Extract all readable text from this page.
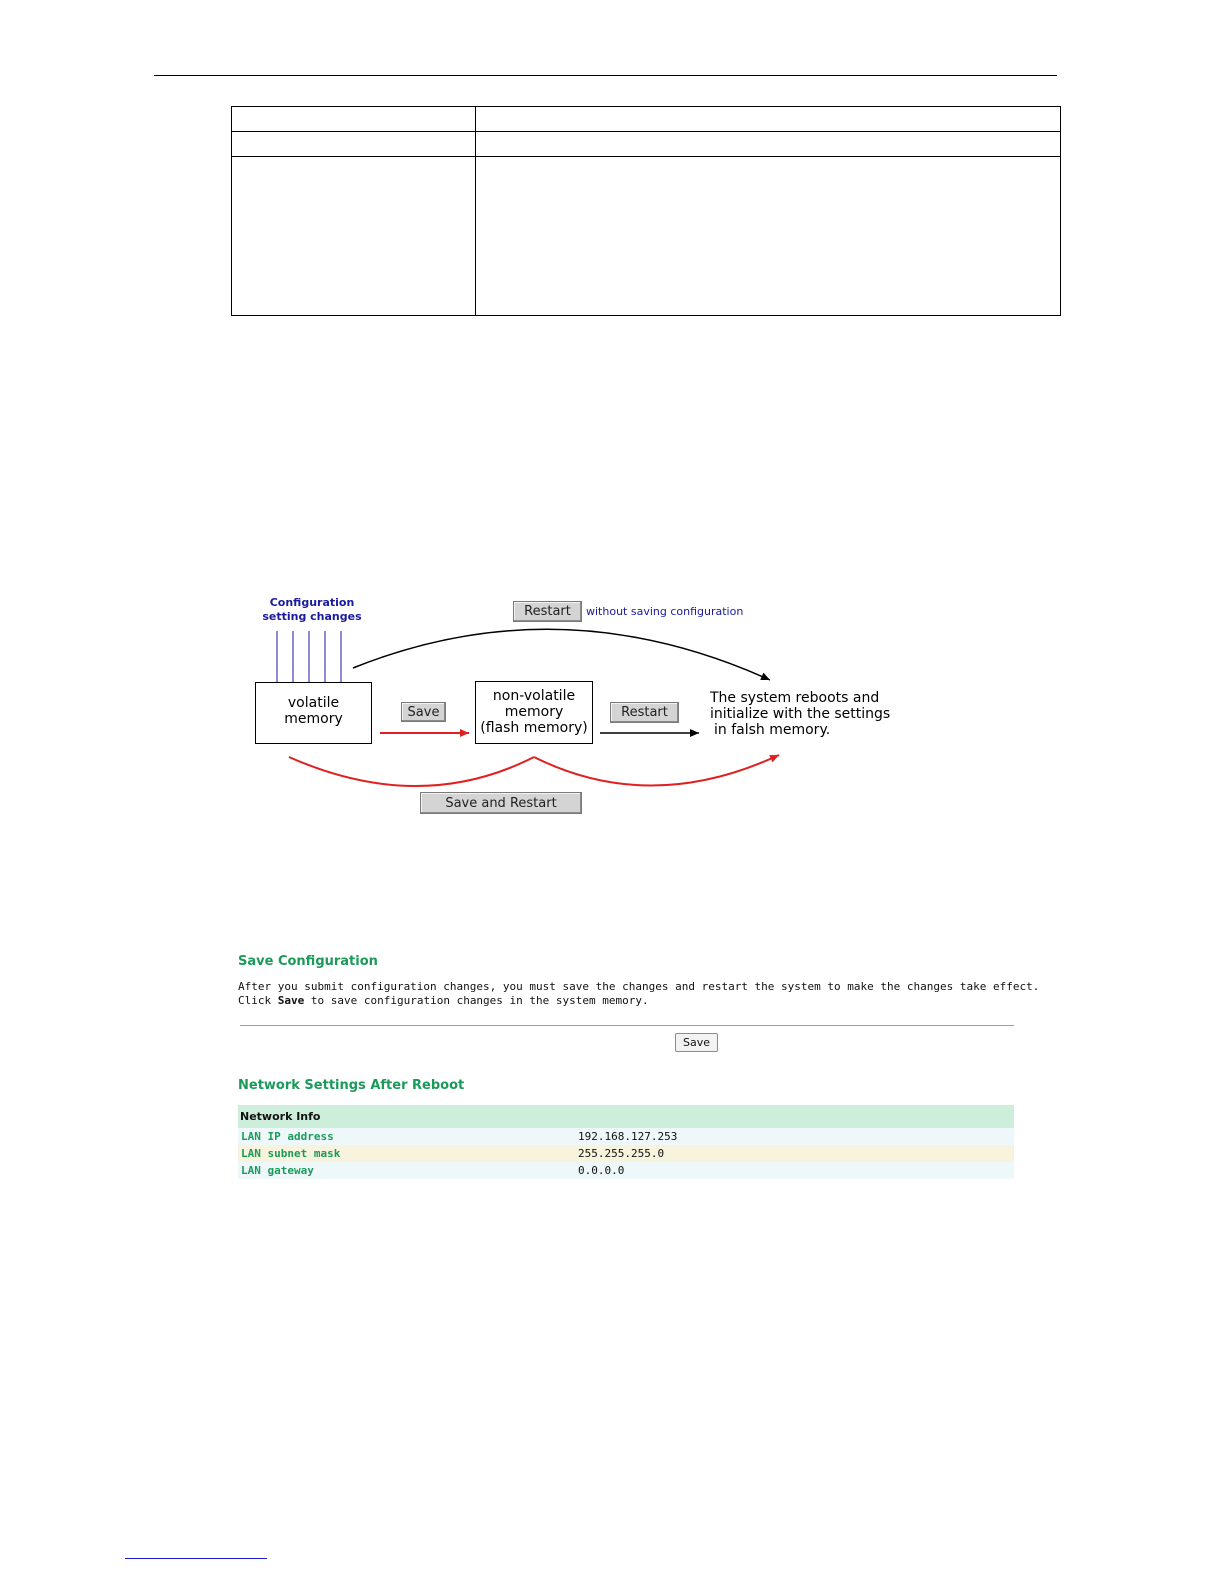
Configuration
setting changes	Restart without saving configuration
volatile
memory	Save
non-volatile
memory
(flash memory)
Restart
The system reboots and
initialize with the settings
in falsh memory.
Save and Restart
Save Configuration
After you submit configuration changes, you must save the changes and restart the system to make the changes take effect.
Click Save to save configuration changes in the system memory.
Save
Network Settings After Reboot
Network Info
LAN IP address	192.168.127.253
LAN subnet mask	255.255.255.0
LAN gateway	0.0.0.0
